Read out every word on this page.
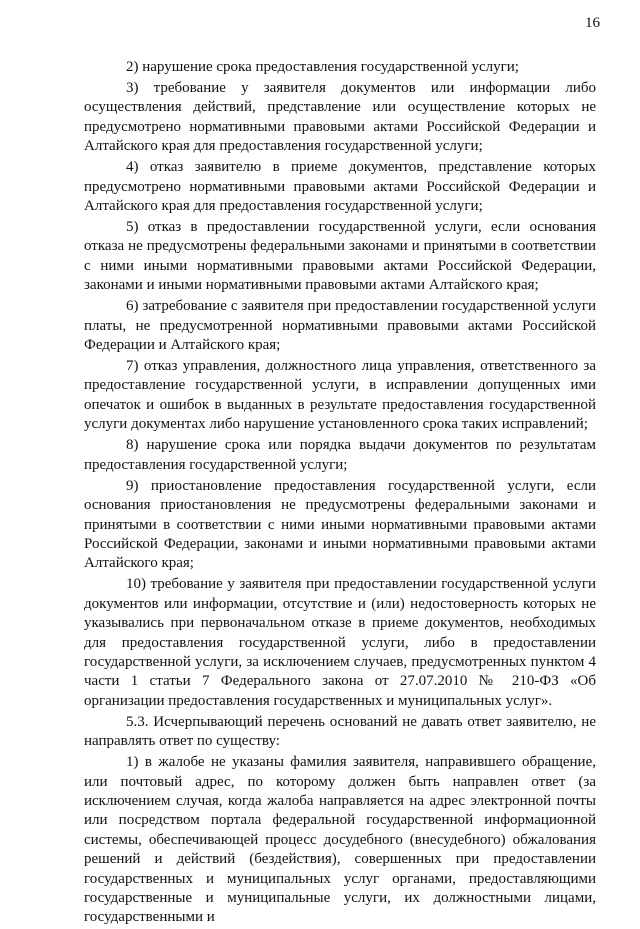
16

2) нарушение срока предоставления государственной услуги;

3) требование у заявителя документов или информации либо осуществления действий, представление или осуществление которых не предусмотрено нормативными правовыми актами Российской Федерации и Алтайского края для предоставления государственной услуги;

4) отказ заявителю в приеме документов, представление которых предусмотрено нормативными правовыми актами Российской Федерации и Алтайского края для предоставления государственной услуги;

5) отказ в предоставлении государственной услуги, если основания отказа не предусмотрены федеральными законами и принятыми в соответствии с ними иными нормативными правовыми актами Российской Федерации, законами и иными нормативными правовыми актами Алтайского края;

6) затребование с заявителя при предоставлении государственной услуги платы, не предусмотренной нормативными правовыми актами Российской Федерации и Алтайского края;

7) отказ управления, должностного лица управления, ответственного за предоставление государственной услуги, в исправлении допущенных ими опечаток и ошибок в выданных в результате предоставления государственной услуги документах либо нарушение установленного срока таких исправлений;

8) нарушение срока или порядка выдачи документов по результатам предоставления государственной услуги;

9) приостановление предоставления государственной услуги, если основания приостановления не предусмотрены федеральными законами и принятыми в соответствии с ними иными нормативными правовыми актами Российской Федерации, законами и иными нормативными правовыми актами Алтайского края;

10) требование у заявителя при предоставлении государственной услуги документов или информации, отсутствие и (или) недостоверность которых не указывались при первоначальном отказе в приеме документов, необходимых для предоставления государственной услуги, либо в предоставлении государственной услуги, за исключением случаев, предусмотренных пунктом 4 части 1 статьи 7 Федерального закона от 27.07.2010 № 210-ФЗ «Об организации предоставления государственных и муниципальных услуг».

5.3. Исчерпывающий перечень оснований не давать ответ заявителю, не направлять ответ по существу:

1) в жалобе не указаны фамилия заявителя, направившего обращение, или почтовый адрес, по которому должен быть направлен ответ (за исключением случая, когда жалоба направляется на адрес электронной почты или посредством портала федеральной государственной информационной системы, обеспечивающей процесс досудебного (внесудебного) обжалования решений и действий (бездействия), совершенных при предоставлении государственных и муниципальных услуг органами, предоставляющими государственные и муниципальные услуги, их должностными лицами, государственными и
